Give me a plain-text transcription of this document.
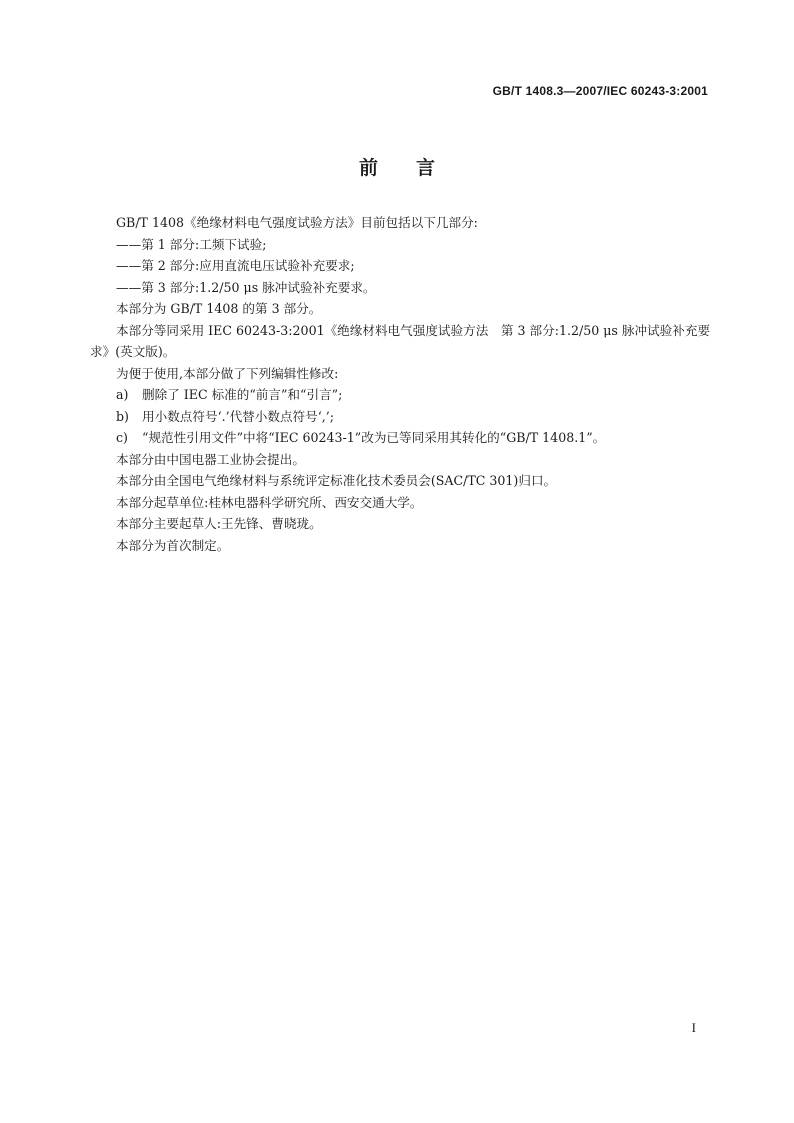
GB/T 1408.3—2007/IEC 60243-3:2001
前 言

GB/T 1408《绝缘材料电气强度试验方法》目前包括以下几部分:

——第 1 部分:工频下试验;

——第 2 部分:应用直流电压试验补充要求;

——第 3 部分:1.2/50 μs 脉冲试验补充要求。

本部分为 GB/T 1408 的第 3 部分。

本部分等同采用 IEC 60243-3:2001《绝缘材料电气强度试验方法　第 3 部分:1.2/50 μs 脉冲试验补充要求》(英文版)。

为便于使用,本部分做了下列编辑性修改:

a) 删除了 IEC 标准的“前言”和“引言”;

b) 用小数点符号‘.’代替小数点符号‘,’;

c) “规范性引用文件”中将“IEC 60243-1”改为已等同采用其转化的“GB/T 1408.1”。

本部分由中国电器工业协会提出。

本部分由全国电气绝缘材料与系统评定标准化技术委员会(SAC/TC 301)归口。

本部分起草单位:桂林电器科学研究所、西安交通大学。

本部分主要起草人:王先锋、曹晓珑。

本部分为首次制定。

I
